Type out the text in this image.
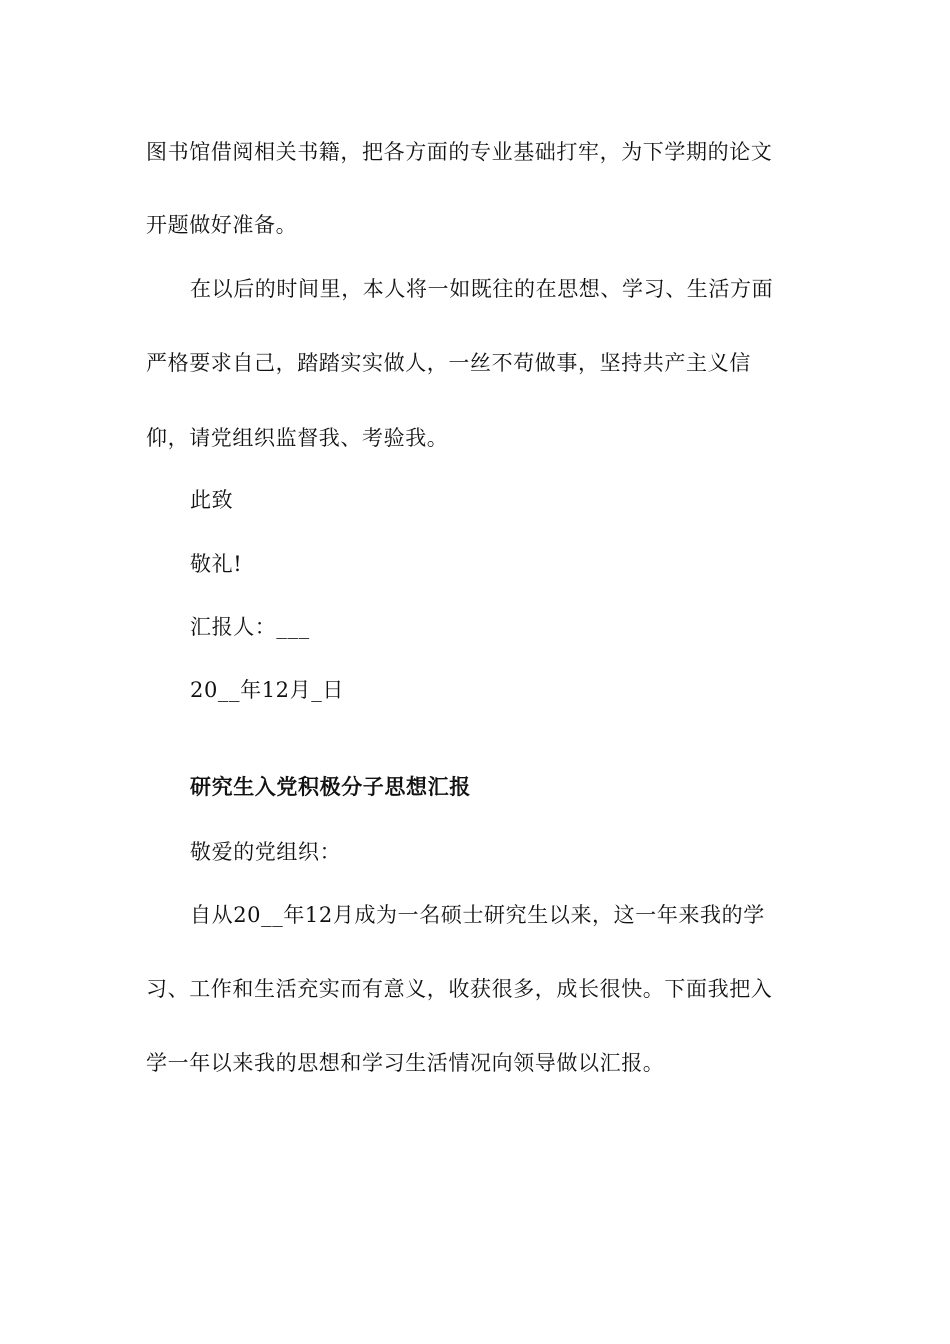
图书馆借阅相关书籍，把各方面的专业基础打牢，为下学期的论文
开题做好准备。
在以后的时间里，本人将一如既往的在思想、学习、生活方面
严格要求自己，踏踏实实做人，一丝不苟做事，坚持共产主义信
仰，请党组织监督我、考验我。
此致
敬礼!
汇报人：___
20__年12月_日
研究生入党积极分子思想汇报
敬爱的党组织：
自从20__年12月成为一名硕士研究生以来，这一年来我的学
习、工作和生活充实而有意义，收获很多，成长很快。下面我把入
学一年以来我的思想和学习生活情况向领导做以汇报。
